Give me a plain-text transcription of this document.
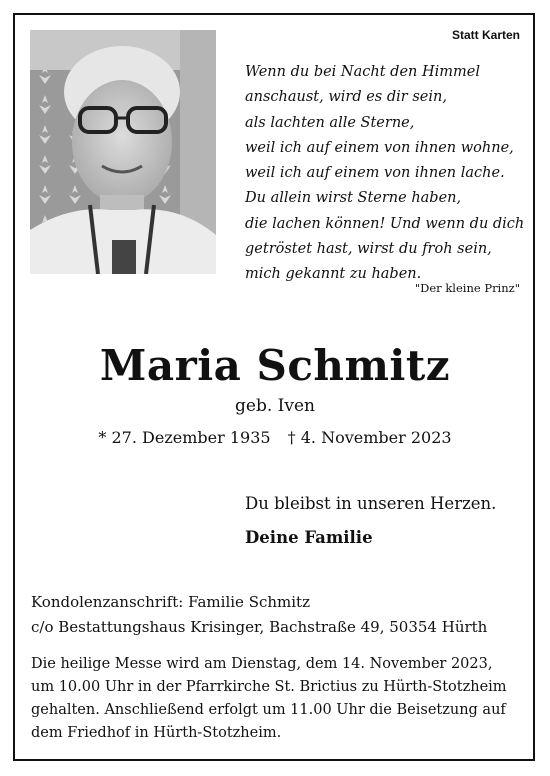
Statt Karten
Wenn du bei Nacht den Himmel
anschaust, wird es dir sein,
als lachten alle Sterne,
weil ich auf einem von ihnen wohne,
weil ich auf einem von ihnen lache.
Du allein wirst Sterne haben,
die lachen können! Und wenn du dich
getröstet hast, wirst du froh sein,
mich gekannt zu haben.
"Der kleine Prinz"
Maria Schmitz
geb. Iven
* 27. Dezember 1935 † 4. November 2023
Du bleibst in unseren Herzen.
Deine Familie
Kondolenzanschrift: Familie Schmitz
c/o Bestattungshaus Krisinger, Bachstraße 49, 50354 Hürth
Die heilige Messe wird am Dienstag, dem 14. November 2023,
um 10.00 Uhr in der Pfarrkirche St. Brictius zu Hürth-Stotzheim
gehalten. Anschließend erfolgt um 11.00 Uhr die Beisetzung auf
dem Friedhof in Hürth-Stotzheim.
